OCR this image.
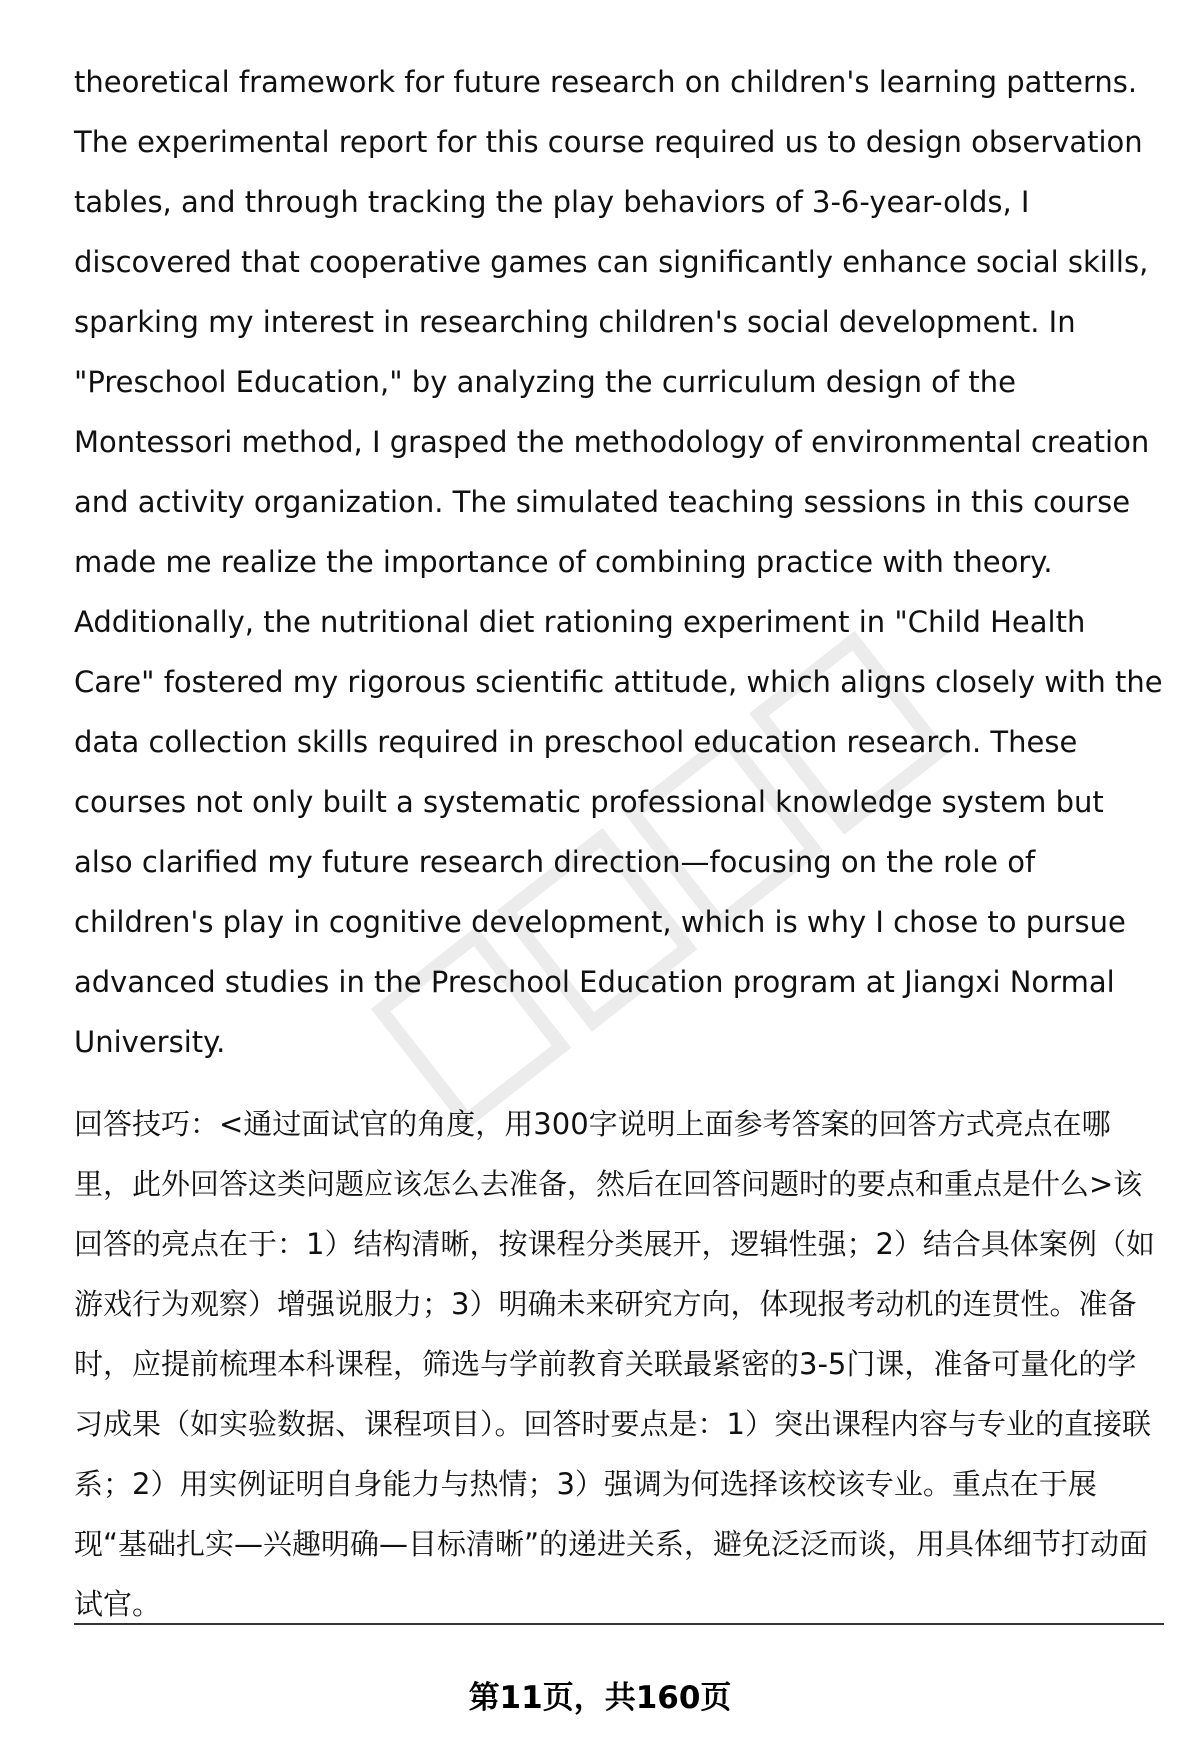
theoretical framework for future research on children's learning patterns. The experimental report for this course required us to design observation tables, and through tracking the play behaviors of 3-6-year-olds, I discovered that cooperative games can significantly enhance social skills, sparking my interest in researching children's social development. In "Preschool Education," by analyzing the curriculum design of the Montessori method, I grasped the methodology of environmental creation and activity organization. The simulated teaching sessions in this course made me realize the importance of combining practice with theory. Additionally, the nutritional diet rationing experiment in "Child Health Care" fostered my rigorous scientific attitude, which aligns closely with the data collection skills required in preschool education research. These courses not only built a systematic professional knowledge system but also clarified my future research direction—focusing on the role of children's play in cognitive development, which is why I chose to pursue advanced studies in the Preschool Education program at Jiangxi Normal University.

回答技巧：<通过面试官的角度，用300字说明上面参考答案的回答方式亮点在哪里，此外回答这类问题应该怎么去准备，然后在回答问题时的要点和重点是什么>该回答的亮点在于：1）结构清晰，按课程分类展开，逻辑性强；2）结合具体案例（如游戏行为观察）增强说服力；3）明确未来研究方向，体现报考动机的连贯性。准备时，应提前梳理本科课程，筛选与学前教育关联最紧密的3-5门课，准备可量化的学习成果（如实验数据、课程项目）。回答时要点是：1）突出课程内容与专业的直接联系；2）用实例证明自身能力与热情；3）强调为何选择该校该专业。重点在于展现“基础扎实—兴趣明确—目标清晰”的递进关系，避免泛泛而谈，用具体细节打动面试官。

第11页，共160页
